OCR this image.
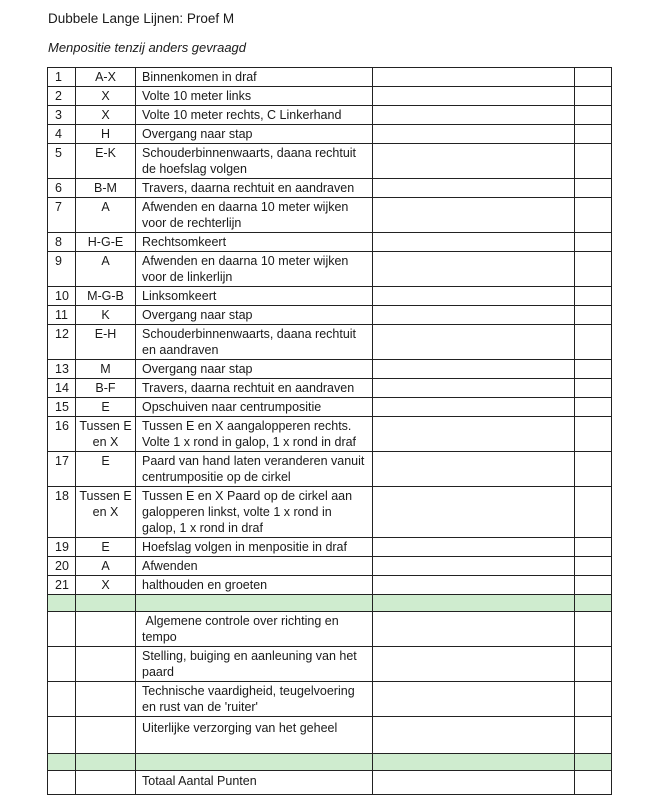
Dubbele Lange Lijnen: Proef M
Menpositie tenzij anders gevraagd
1	A-X	Binnenkomen in draf		
2	X	Volte 10 meter links		
3	X	Volte 10 meter rechts, C Linkerhand		
4	H	Overgang naar stap		
5	E-K	Schouderbinnenwaarts, daana rechtuit de hoefslag volgen		
6	B-M	Travers, daarna rechtuit en aandraven		
7	A	Afwenden en daarna 10 meter wijken voor de rechterlijn		
8	H-G-E	Rechtsomkeert		
9	A	Afwenden en daarna 10 meter wijken voor de linkerlijn		
10	M-G-B	Linksomkeert		
11	K	Overgang naar stap		
12	E-H	Schouderbinnenwaarts, daana rechtuit en aandraven		
13	M	Overgang naar stap		
14	B-F	Travers, daarna rechtuit en aandraven		
15	E	Opschuiven naar centrumpositie		
16	Tussen E en X	Tussen E en X aangalopperen rechts. Volte 1 x rond in galop, 1 x rond in draf		
17	E	Paard van hand laten veranderen vanuit centrumpositie op de cirkel		
18	Tussen E en X	Tussen E en X Paard op de cirkel aan galopperen linkst, volte 1 x rond in galop, 1 x rond in draf		
19	E	Hoefslag volgen in menpositie in draf		
20	A	Afwenden		
21	X	halthouden en groeten		

		Algemene controle over richting en tempo		
		Stelling, buiging en aanleuning van het paard		
		Technische vaardigheid, teugelvoering en rust van de 'ruiter'		
		Uiterlijke verzorging van het geheel		

		Totaal Aantal Punten		
